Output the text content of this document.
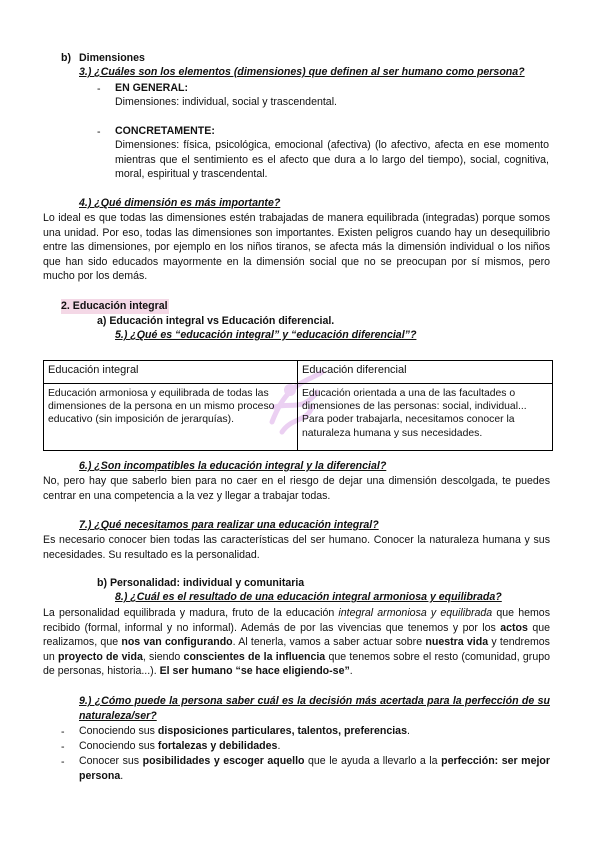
b) Dimensiones
3.) ¿Cuáles son los elementos (dimensiones) que definen al ser humano como persona?
- EN GENERAL:
Dimensiones: individual, social y trascendental.
- CONCRETAMENTE:
Dimensiones: física, psicológica, emocional (afectiva) (lo afectivo, afecta en ese momento mientras que el sentimiento es el afecto que dura a lo largo del tiempo), social, cognitiva, moral, espiritual y trascendental.
4.) ¿Qué dimensión es más importante?
Lo ideal es que todas las dimensiones estén trabajadas de manera equilibrada (integradas) porque somos una unidad. Por eso, todas las dimensiones son importantes. Existen peligros cuando hay un desequilibrio entre las dimensiones, por ejemplo en los niños tiranos, se afecta más la dimensión individual o los niños que han sido educados mayormente en la dimensión social que no se preocupan por sí mismos, pero mucho por los demás.
2. Educación integral
a) Educación integral vs Educación diferencial.
5.) ¿Qué es “educación integral” y “educación diferencial”?
Educación integral	Educación diferencial
Educación armoniosa y equilibrada de todas las dimensiones de la persona en un mismo proceso educativo (sin imposición de jerarquías).	Educación orientada a una de las facultades o dimensiones de las personas: social, individual... Para poder trabajarla, necesitamos conocer la naturaleza humana y sus necesidades.
6.) ¿Son incompatibles la educación integral y la diferencial?
No, pero hay que saberlo bien para no caer en el riesgo de dejar una dimensión descolgada, te puedes centrar en una competencia a la vez y llegar a trabajar todas.
7.) ¿Qué necesitamos para realizar una educación integral?
Es necesario conocer bien todas las características del ser humano. Conocer la naturaleza humana y sus necesidades. Su resultado es la personalidad.
b) Personalidad: individual y comunitaria
8.) ¿Cuál es el resultado de una educación integral armoniosa y equilibrada?
La personalidad equilibrada y madura, fruto de la educación integral armoniosa y equilibrada que hemos recibido (formal, informal y no informal). Además de por las vivencias que tenemos y por los actos que realizamos, que nos van configurando. Al tenerla, vamos a saber actuar sobre nuestra vida y tendremos un proyecto de vida, siendo conscientes de la influencia que tenemos sobre el resto (comunidad, grupo de personas, historia...). El ser humano “se hace eligiendo-se”.
9.) ¿Cómo puede la persona saber cuál es la decisión más acertada para la perfección de su naturaleza/ser?
- Conociendo sus disposiciones particulares, talentos, preferencias.
- Conociendo sus fortalezas y debilidades.
- Conocer sus posibilidades y escoger aquello que le ayuda a llevarlo a la perfección: ser mejor persona.
